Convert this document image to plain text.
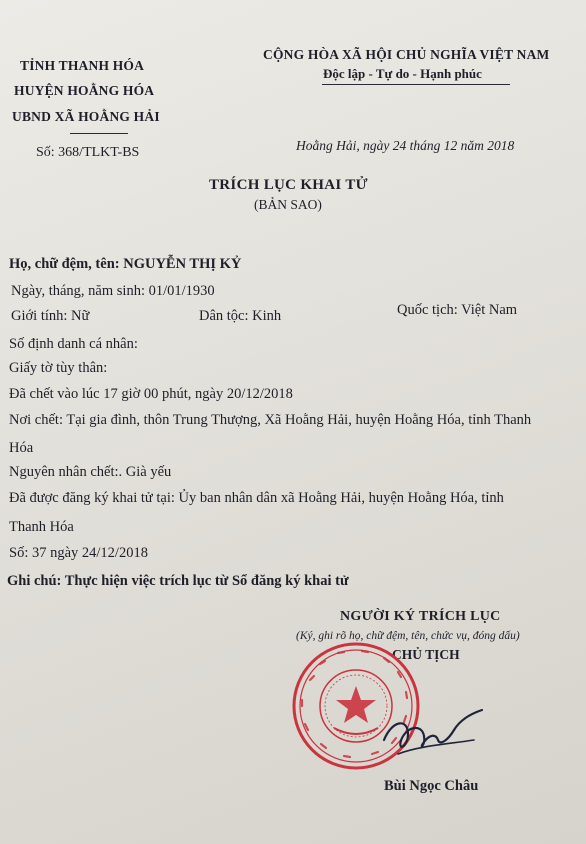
TỈNH THANH HÓA
HUYỆN HOẰNG HÓA
UBND XÃ HOẰNG HẢI
Số: 368/TLKT-BS
CỘNG HÒA XÃ HỘI CHỦ NGHĨA VIỆT NAM
Độc lập - Tự do - Hạnh phúc
Hoằng Hải, ngày 24 tháng 12 năm 2018
TRÍCH LỤC KHAI TỬ
(BẢN SAO)
Họ, chữ đệm, tên: NGUYỄN THỊ KỶ
Ngày, tháng, năm sinh: 01/01/1930
Giới tính: Nữ	Dân tộc: Kinh	Quốc tịch: Việt Nam
Số định danh cá nhân:
Giấy tờ tùy thân:
Đã chết vào lúc 17 giờ 00 phút, ngày 20/12/2018
Nơi chết: Tại gia đình, thôn Trung Thượng, Xã Hoằng Hải, huyện Hoằng Hóa, tỉnh Thanh
Hóa
Nguyên nhân chết:. Già yếu
Đã được đăng ký khai tử tại: Ủy ban nhân dân xã Hoằng Hải, huyện Hoằng Hóa, tỉnh
Thanh Hóa
Số: 37 ngày 24/12/2018
Ghi chú: Thực hiện việc trích lục từ Sổ đăng ký khai tử
NGƯỜI KÝ TRÍCH LỤC
(Ký, ghi rõ họ, chữ đệm, tên, chức vụ, đóng dấu)
CHỦ TỊCH
Bùi Ngọc Châu
